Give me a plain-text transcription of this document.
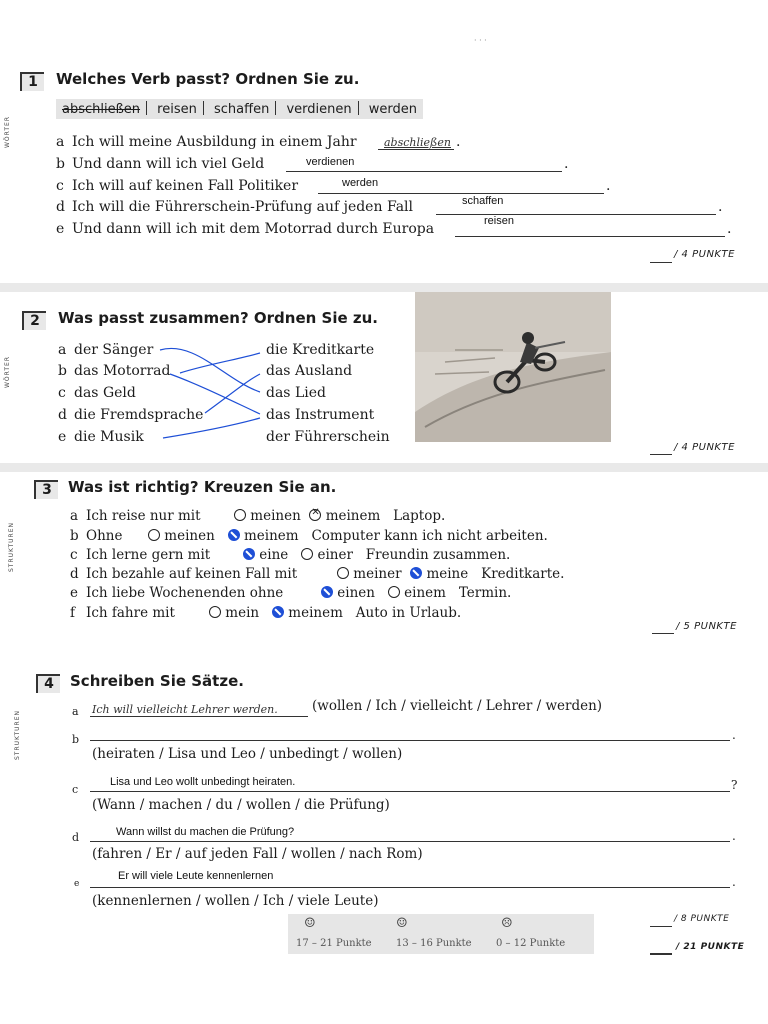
· · ·
1	Welches Verb passt? Ordnen Sie zu.
WÖRTER
abschließen reisen schaffen verdienen werden
a Ich will meine Ausbildung in einem Jahr abschließen .
b Und dann will ich viel Geld	verdienen	.
c Ich will auf keinen Fall Politiker	werden	.
d Ich will die Führerschein-Prüfung auf jeden Fall	schaffen	.
e Und dann will ich mit dem Motorrad durch Europa	reisen	.
/ 4 PUNKTE
2	Was passt zusammen? Ordnen Sie zu.
WÖRTER
a der Sänger
b das Motorrad
c das Geld
d die Fremdsprache
e die Musik
die Kreditkarte
das Ausland
das Lied
das Instrument
der Führerschein
/ 4 PUNKTE
3	Was ist richtig? Kreuzen Sie an.
STRUKTUREN
a Ich reise nur mit	meinen  ✕ meinem Laptop.
b Ohne	meinen meinem Computer kann ich nicht arbeiten.
c Ich lerne gern mit	eine einer Freundin zusammen.
d Ich bezahle auf keinen Fall mit	meiner meine Kreditkarte.
e Ich liebe Wochenenden ohne	einen einem Termin.
f Ich fahre mit	mein meinem Auto in Urlaub.
/ 5 PUNKTE
4	Schreiben Sie Sätze.
STRUKTUREN	a Ich will vielleicht Lehrer werden.	(wollen / Ich / vielleicht / Lehrer / werden)
b	.
(heiraten / Lisa und Leo / unbedingt / wollen)
c
Lisa und Leo wollt unbedingt heiraten.	?
(Wann / machen / du / wollen / die Prüfung)
d	Wann willst du machen die Prüfung?	.
(fahren / Er / auf jeden Fall / wollen / nach Rom)
e
Er will viele Leute kennenlernen	.
(kennenlernen / wollen / Ich / viele Leute)
/ 8 PUNKTE
☺	☺	☹
17 – 21 Punkte 13 – 16 Punkte 0 – 12 Punkte	/ 21 PUNKTE
